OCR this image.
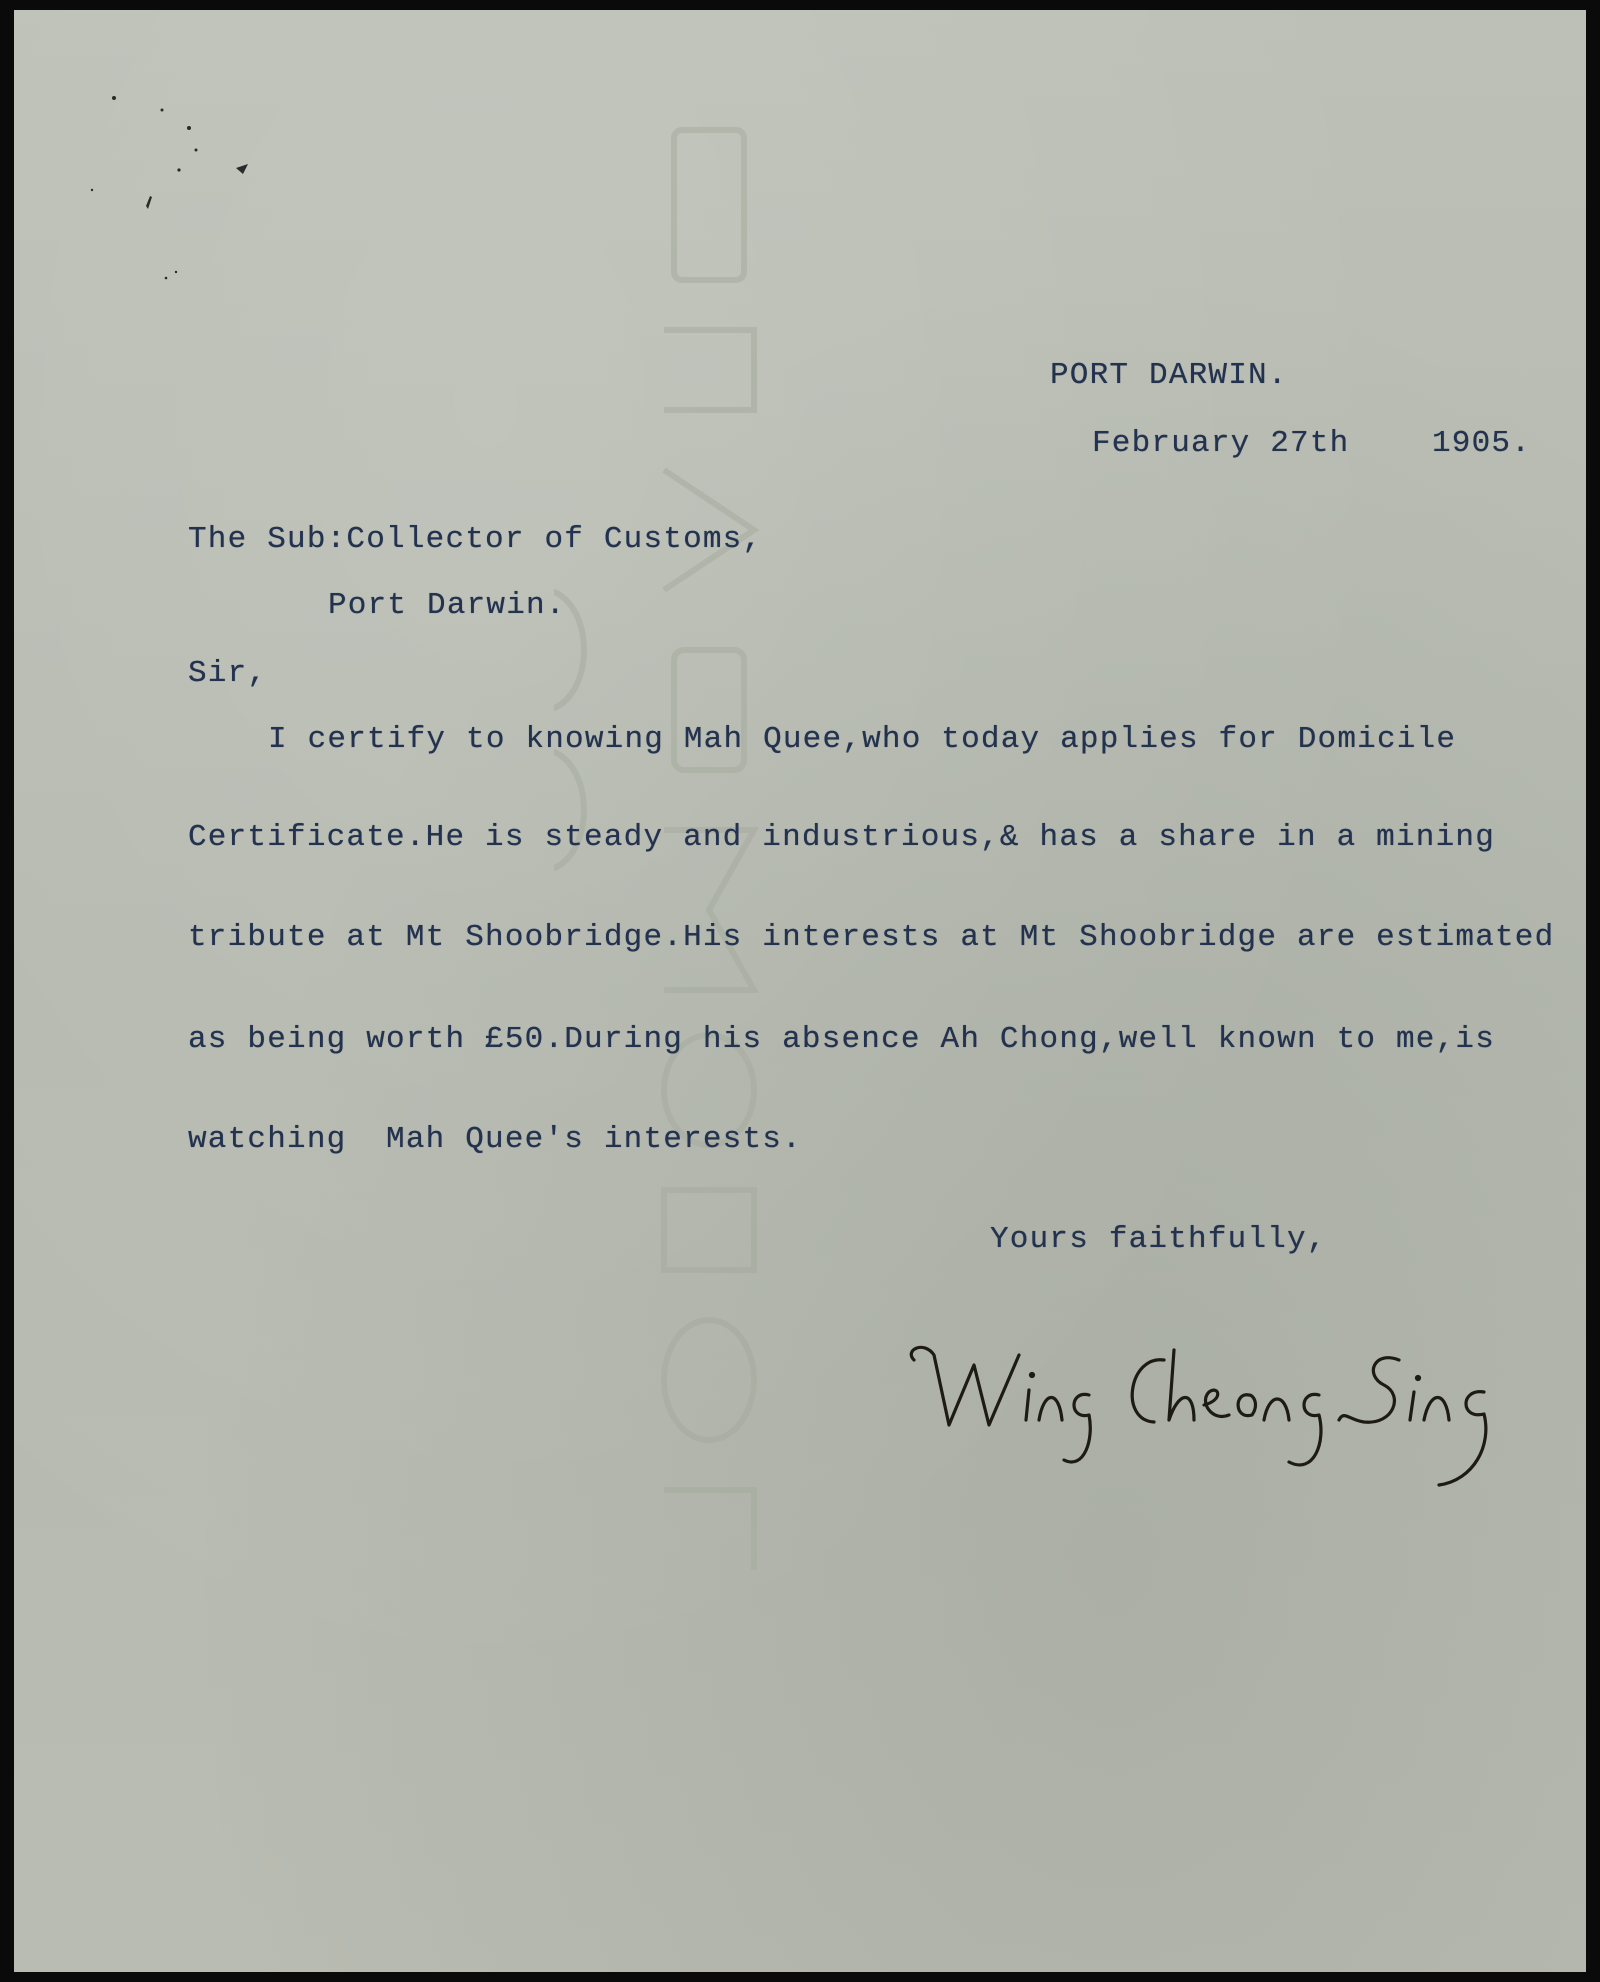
PORT DARWIN.
February 27th	1905.
The Sub:Collector of Customs,
Port Darwin.
Sir,
I certify to knowing Mah Quee,who today applies for Domicile
Certificate.He is steady and industrious,& has a share in a mining
tribute at Mt Shoobridge.His interests at Mt Shoobridge are estimated
as being worth £50.During his absence Ah Chong,well known to me,is
watching  Mah Quee's interests.
Yours faithfully,
